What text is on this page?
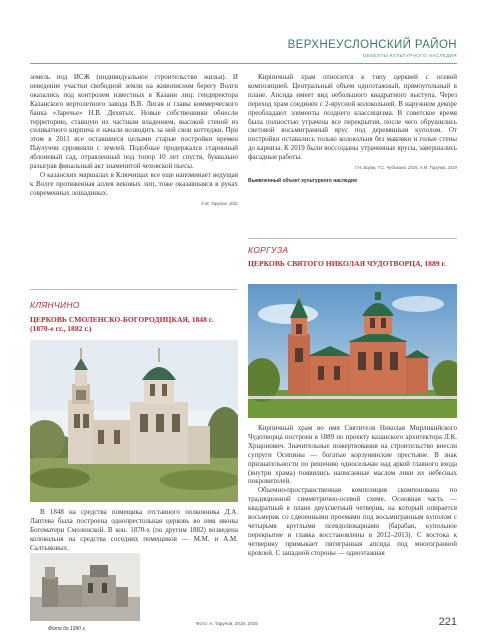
ВЕРХНЕУСЛОНСКИЙ РАЙОН
ОБЪЕКТЫ КУЛЬТУРНОГО НАСЛЕДИЯ

земель под ИСЖ (индивидуальное строительство жилья). И неведение участки свободной земли на живописном берегу Волги оказались под контролем известных в Казани лиц: гендиректора Казанского вертолетного завода В.В. Лигая и главы коммерческого банка «Заречье» Н.В. Дехятых. Новые собственники обнесли территорию, ставшую их частным владением, высокой стеной из силикатного кирпича и начали возводить за ней свои коттеджи. При этом в 2011 все оставшиеся целыми старые постройки времен Паулуччи срровняли с землей. Подобные продержался старинный яблоневый сад, отравленный под топор 10 лет спустя, буквально разыграв финальный акт знаменитой чеховской пьесы.

О казанских маршалах в Ключищах все еще напоминает ведущая к Волге протяженная аллея вековых лип, тоже оказавшаяся в рукax современных лошадиных.

А.М. Тарунов, 2011

Кирпичный храм относится к типу церквей с осевой композицией. Центральный объем одноэтажный, прямоугольный в плане. Апсида имеет вид небольшого квадратного выступа. Через переход храм соединен с 2-ярусной колокольней. В наружном декоре преобладают элементы позднего классицизма. В советское время была полностью утрачена все перекрытия, после чего обрушились световой восьмигранный ярус под деревянным куполом. От постройки оставались только колокольня без маковки и голые стены до карниза. К 2019 были воссозданы утраченные ярусы, завершались фасадные работы.

Г.Н. Боров, Т.С. Чубыкина, 2015; А.М. Тарунов, 2019
Выявленный объект культурного наследия
КЛЯНЧИНО
ЦЕРКОВЬ СМОЛЕНСКО-БОГОРОДИЦКАЯ, 1848 г. (1870-е гг., 1882 г.)
КОРГУЗА
ЦЕРКОВЬ СВЯТОГО НИКОЛАЯ ЧУДОТВОРЦА, 1889 г.

В 1848 на средства помещика отставного полковника Д.А. Лаптева была построена однопрестольная церковь во имя иконы Богоматери Смоленской. В кон. 1870-х (по другим 1882) возведена колокольня на средства соседних помещиков — М.М. и А.М. Салтыковых.

Фото до 1990 г.

Кирпичный храм во имя Святителя Николая Мирликийского Чудотворца построен в 1889 по проекту казанского архитектора Л.К. Хрщонович. Значительные пожертвования на строительство внесли супруги Осипины — богатые корзунинские престьяне. В знак признательности по решению односельчан над аркой главного входа (внутри храма) появились написанные маслом лики их небесных покровителей.

Объемно-пространственная композиция скомпонована по традиционной симметрично-осевой схеме. Основная часть — квадратный в плане двухсветный четверик, на который опирается восьмерик со сдвоенными проемами под восьмигранным куполом с четырьмя круглыми псевдолюкарнами (барабан, купольное перекрытие и главка восстановлены в 2012–2013). С востока к четверику примыкает пятигранная апсида под многогранной кровлей. С западной стороны — одноэтажная

Фото: А. Тарунов, 2019, 2016	221
